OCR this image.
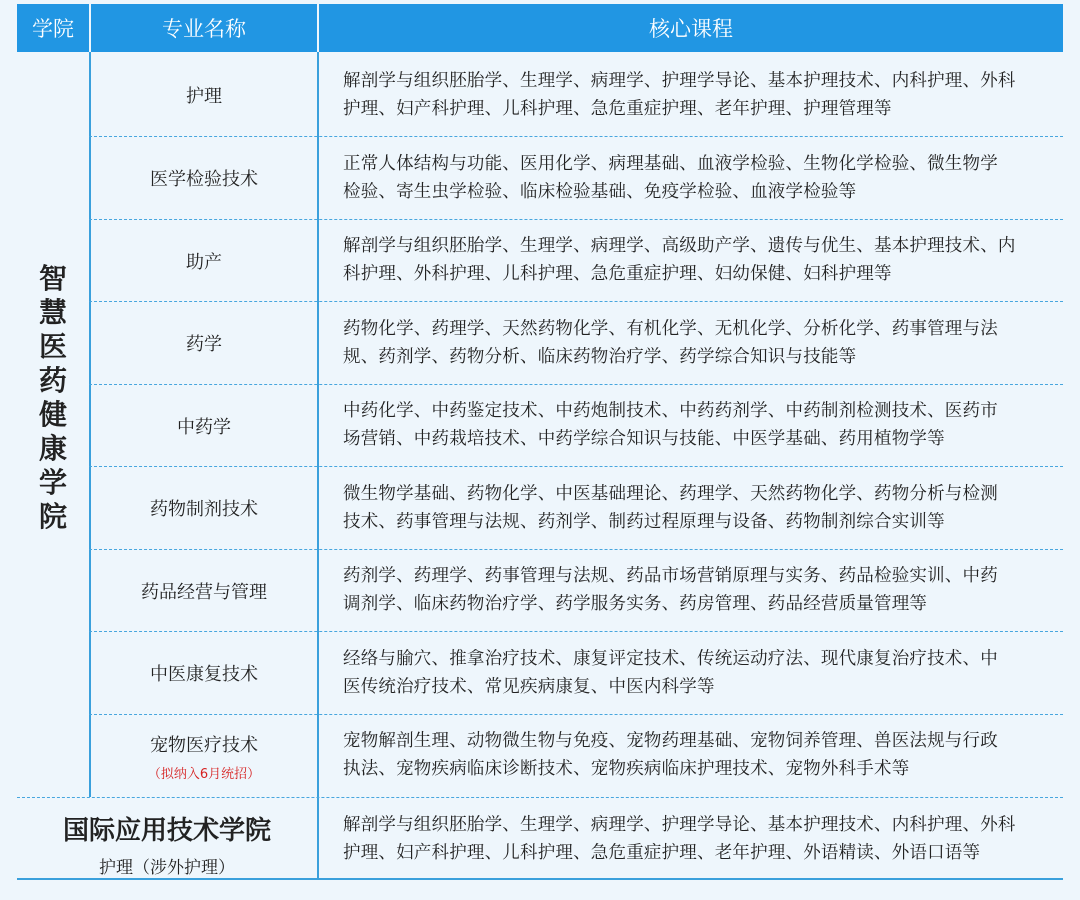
学院	专业名称	核心课程
智
慧
医
药
健
康
学
院
护理
解剖学与组织胚胎学、生理学、病理学、护理学导论、基本护理技术、内科护理、外科
护理、妇产科护理、儿科护理、急危重症护理、老年护理、护理管理等
医学检验技术
正常人体结构与功能、医用化学、病理基础、血液学检验、生物化学检验、微生物学
检验、寄生虫学检验、临床检验基础、免疫学检验、血液学检验等
助产
解剖学与组织胚胎学、生理学、病理学、高级助产学、遗传与优生、基本护理技术、内
科护理、外科护理、儿科护理、急危重症护理、妇幼保健、妇科护理等
药学
药物化学、药理学、天然药物化学、有机化学、无机化学、分析化学、药事管理与法
规、药剂学、药物分析、临床药物治疗学、药学综合知识与技能等
中药学
中药化学、中药鉴定技术、中药炮制技术、中药药剂学、中药制剂检测技术、医药市
场营销、中药栽培技术、中药学综合知识与技能、中医学基础、药用植物学等
药物制剂技术
微生物学基础、药物化学、中医基础理论、药理学、天然药物化学、药物分析与检测
技术、药事管理与法规、药剂学、制药过程原理与设备、药物制剂综合实训等
药品经营与管理
药剂学、药理学、药事管理与法规、药品市场营销原理与实务、药品检验实训、中药
调剂学、临床药物治疗学、药学服务实务、药房管理、药品经营质量管理等
中医康复技术
经络与腧穴、推拿治疗技术、康复评定技术、传统运动疗法、现代康复治疗技术、中
医传统治疗技术、常见疾病康复、中医内科学等
宠物医疗技术
（拟纳入6月统招）
宠物解剖生理、动物微生物与免疫、宠物药理基础、宠物饲养管理、兽医法规与行政
执法、宠物疾病临床诊断技术、宠物疾病临床护理技术、宠物外科手术等
国际应用技术学院
护理（涉外护理）
解剖学与组织胚胎学、生理学、病理学、护理学导论、基本护理技术、内科护理、外科
护理、妇产科护理、儿科护理、急危重症护理、老年护理、外语精读、外语口语等
